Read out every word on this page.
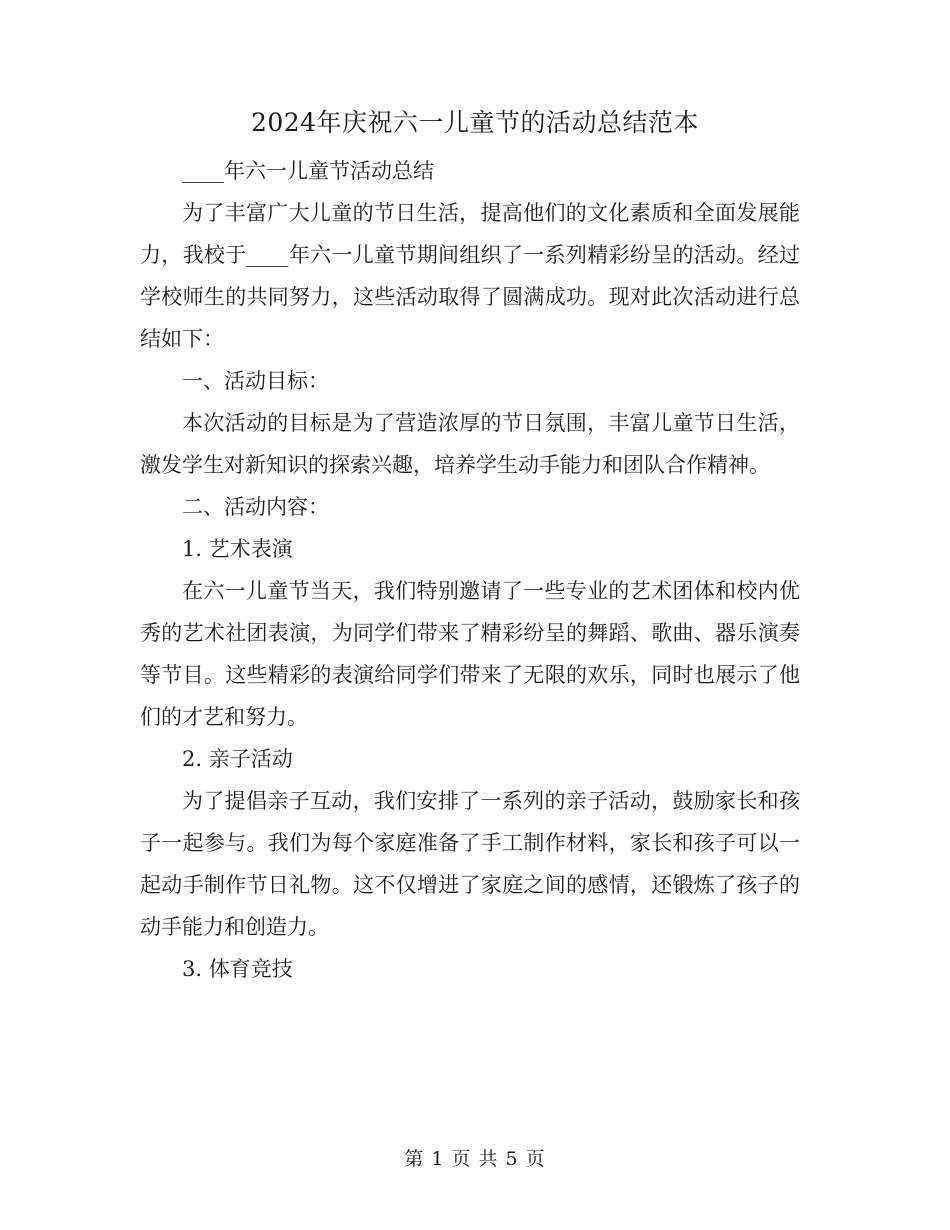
2024年庆祝六一儿童节的活动总结范本

____年六一儿童节活动总结

为了丰富广大儿童的节日生活，提高他们的文化素质和全面发展能力，我校于____年六一儿童节期间组织了一系列精彩纷呈的活动。经过学校师生的共同努力，这些活动取得了圆满成功。现对此次活动进行总结如下：

一、活动目标：

本次活动的目标是为了营造浓厚的节日氛围，丰富儿童节日生活，激发学生对新知识的探索兴趣，培养学生动手能力和团队合作精神。

二、活动内容：

1. 艺术表演

在六一儿童节当天，我们特别邀请了一些专业的艺术团体和校内优秀的艺术社团表演，为同学们带来了精彩纷呈的舞蹈、歌曲、器乐演奏等节目。这些精彩的表演给同学们带来了无限的欢乐，同时也展示了他们的才艺和努力。

2. 亲子活动

为了提倡亲子互动，我们安排了一系列的亲子活动，鼓励家长和孩子一起参与。我们为每个家庭准备了手工制作材料，家长和孩子可以一起动手制作节日礼物。这不仅增进了家庭之间的感情，还锻炼了孩子的动手能力和创造力。

3. 体育竞技

第 1 页 共 5 页
